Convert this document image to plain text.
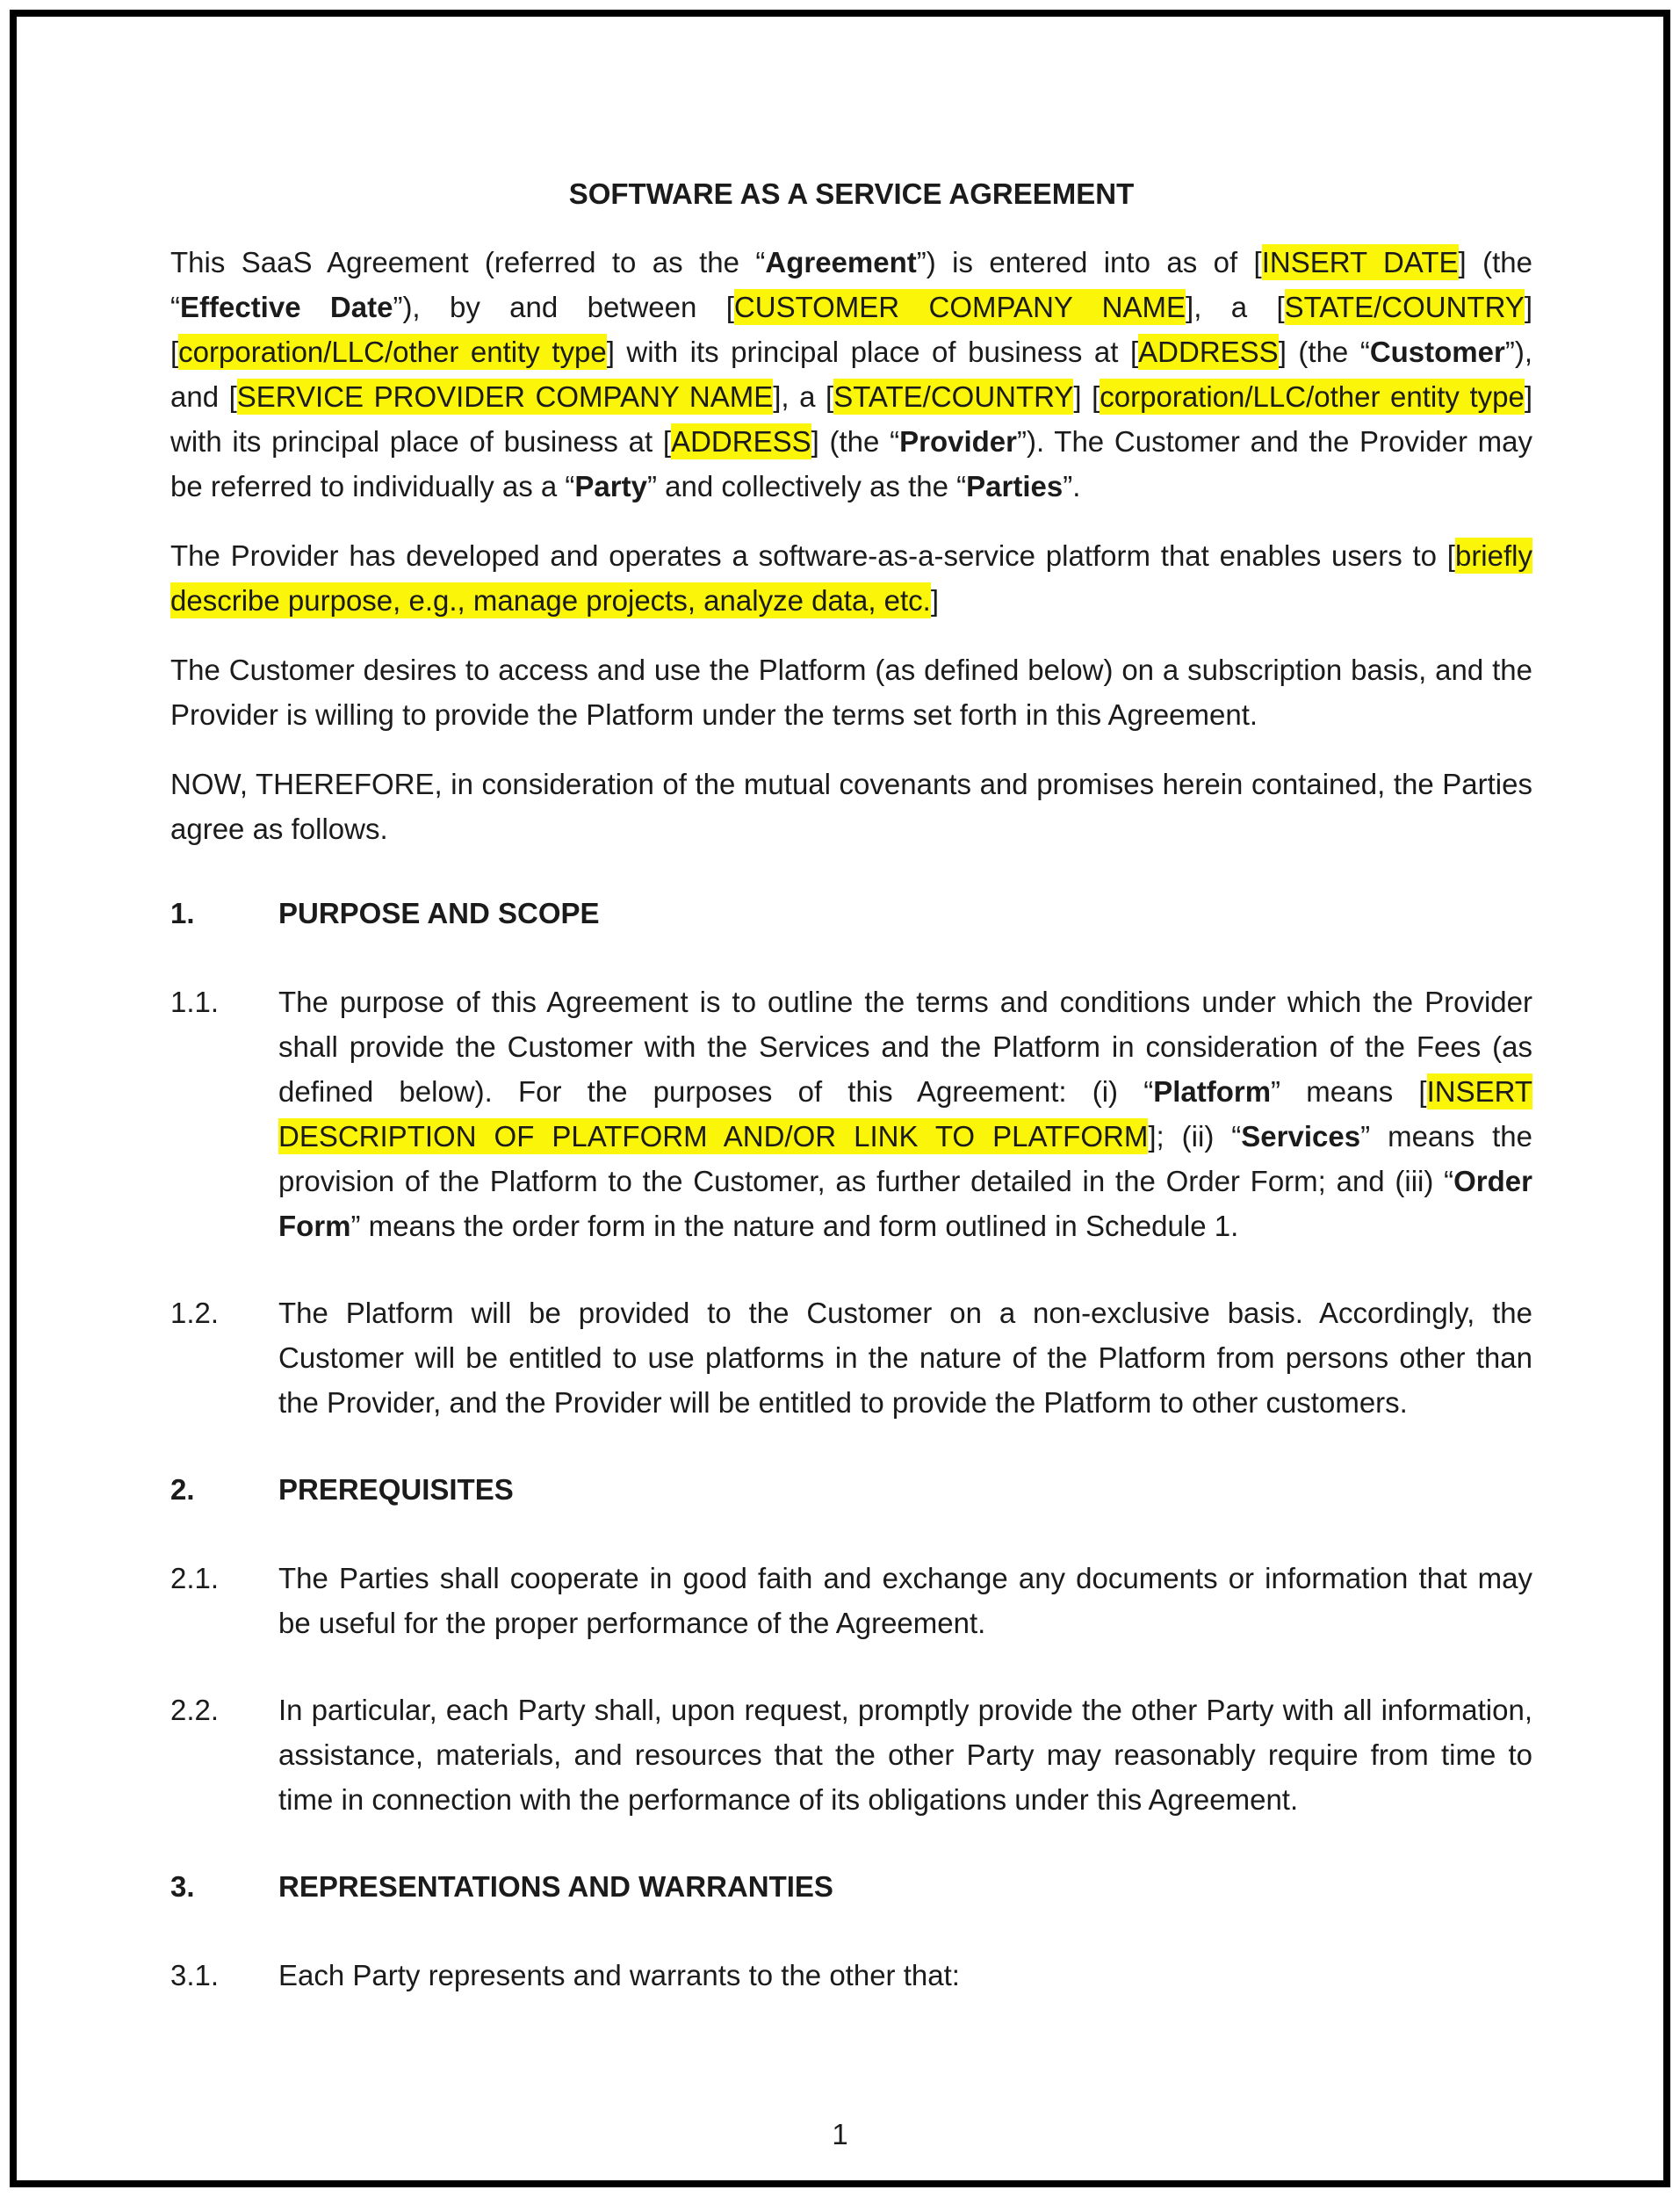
SOFTWARE AS A SERVICE AGREEMENT

This SaaS Agreement (referred to as the “Agreement”) is entered into as of [INSERT DATE] (the “Effective Date”), by and between [CUSTOMER COMPANY NAME], a [STATE/COUNTRY] [corporation/LLC/other entity type] with its principal place of business at [ADDRESS] (the “Customer”), and [SERVICE PROVIDER COMPANY NAME], a [STATE/COUNTRY] [corporation/LLC/other entity type] with its principal place of business at [ADDRESS] (the “Provider”). The Customer and the Provider may be referred to individually as a “Party” and collectively as the “Parties”.

The Provider has developed and operates a software-as-a-service platform that enables users to [briefly describe purpose, e.g., manage projects, analyze data, etc.]

The Customer desires to access and use the Platform (as defined below) on a subscription basis, and the Provider is willing to provide the Platform under the terms set forth in this Agreement.

NOW, THEREFORE, in consideration of the mutual covenants and promises herein contained, the Parties agree as follows.

1.	PURPOSE AND SCOPE
1.1. The purpose of this Agreement is to outline the terms and conditions under which the Provider shall provide the Customer with the Services and the Platform in consideration of the Fees (as defined below). For the purposes of this Agreement: (i) “Platform” means [INSERT DESCRIPTION OF PLATFORM AND/OR LINK TO PLATFORM]; (ii) “Services” means the provision of the Platform to the Customer, as further detailed in the Order Form; and (iii) “Order Form” means the order form in the nature and form outlined in Schedule 1.
1.2. The Platform will be provided to the Customer on a non-exclusive basis. Accordingly, the Customer will be entitled to use platforms in the nature of the Platform from persons other than the Provider, and the Provider will be entitled to provide the Platform to other customers.
2.	PREREQUISITES
2.1. The Parties shall cooperate in good faith and exchange any documents or information that may be useful for the proper performance of the Agreement.
2.2. In particular, each Party shall, upon request, promptly provide the other Party with all information, assistance, materials, and resources that the other Party may reasonably require from time to time in connection with the performance of its obligations under this Agreement.
3.	REPRESENTATIONS AND WARRANTIES
3.1. Each Party represents and warrants to the other that:
1
